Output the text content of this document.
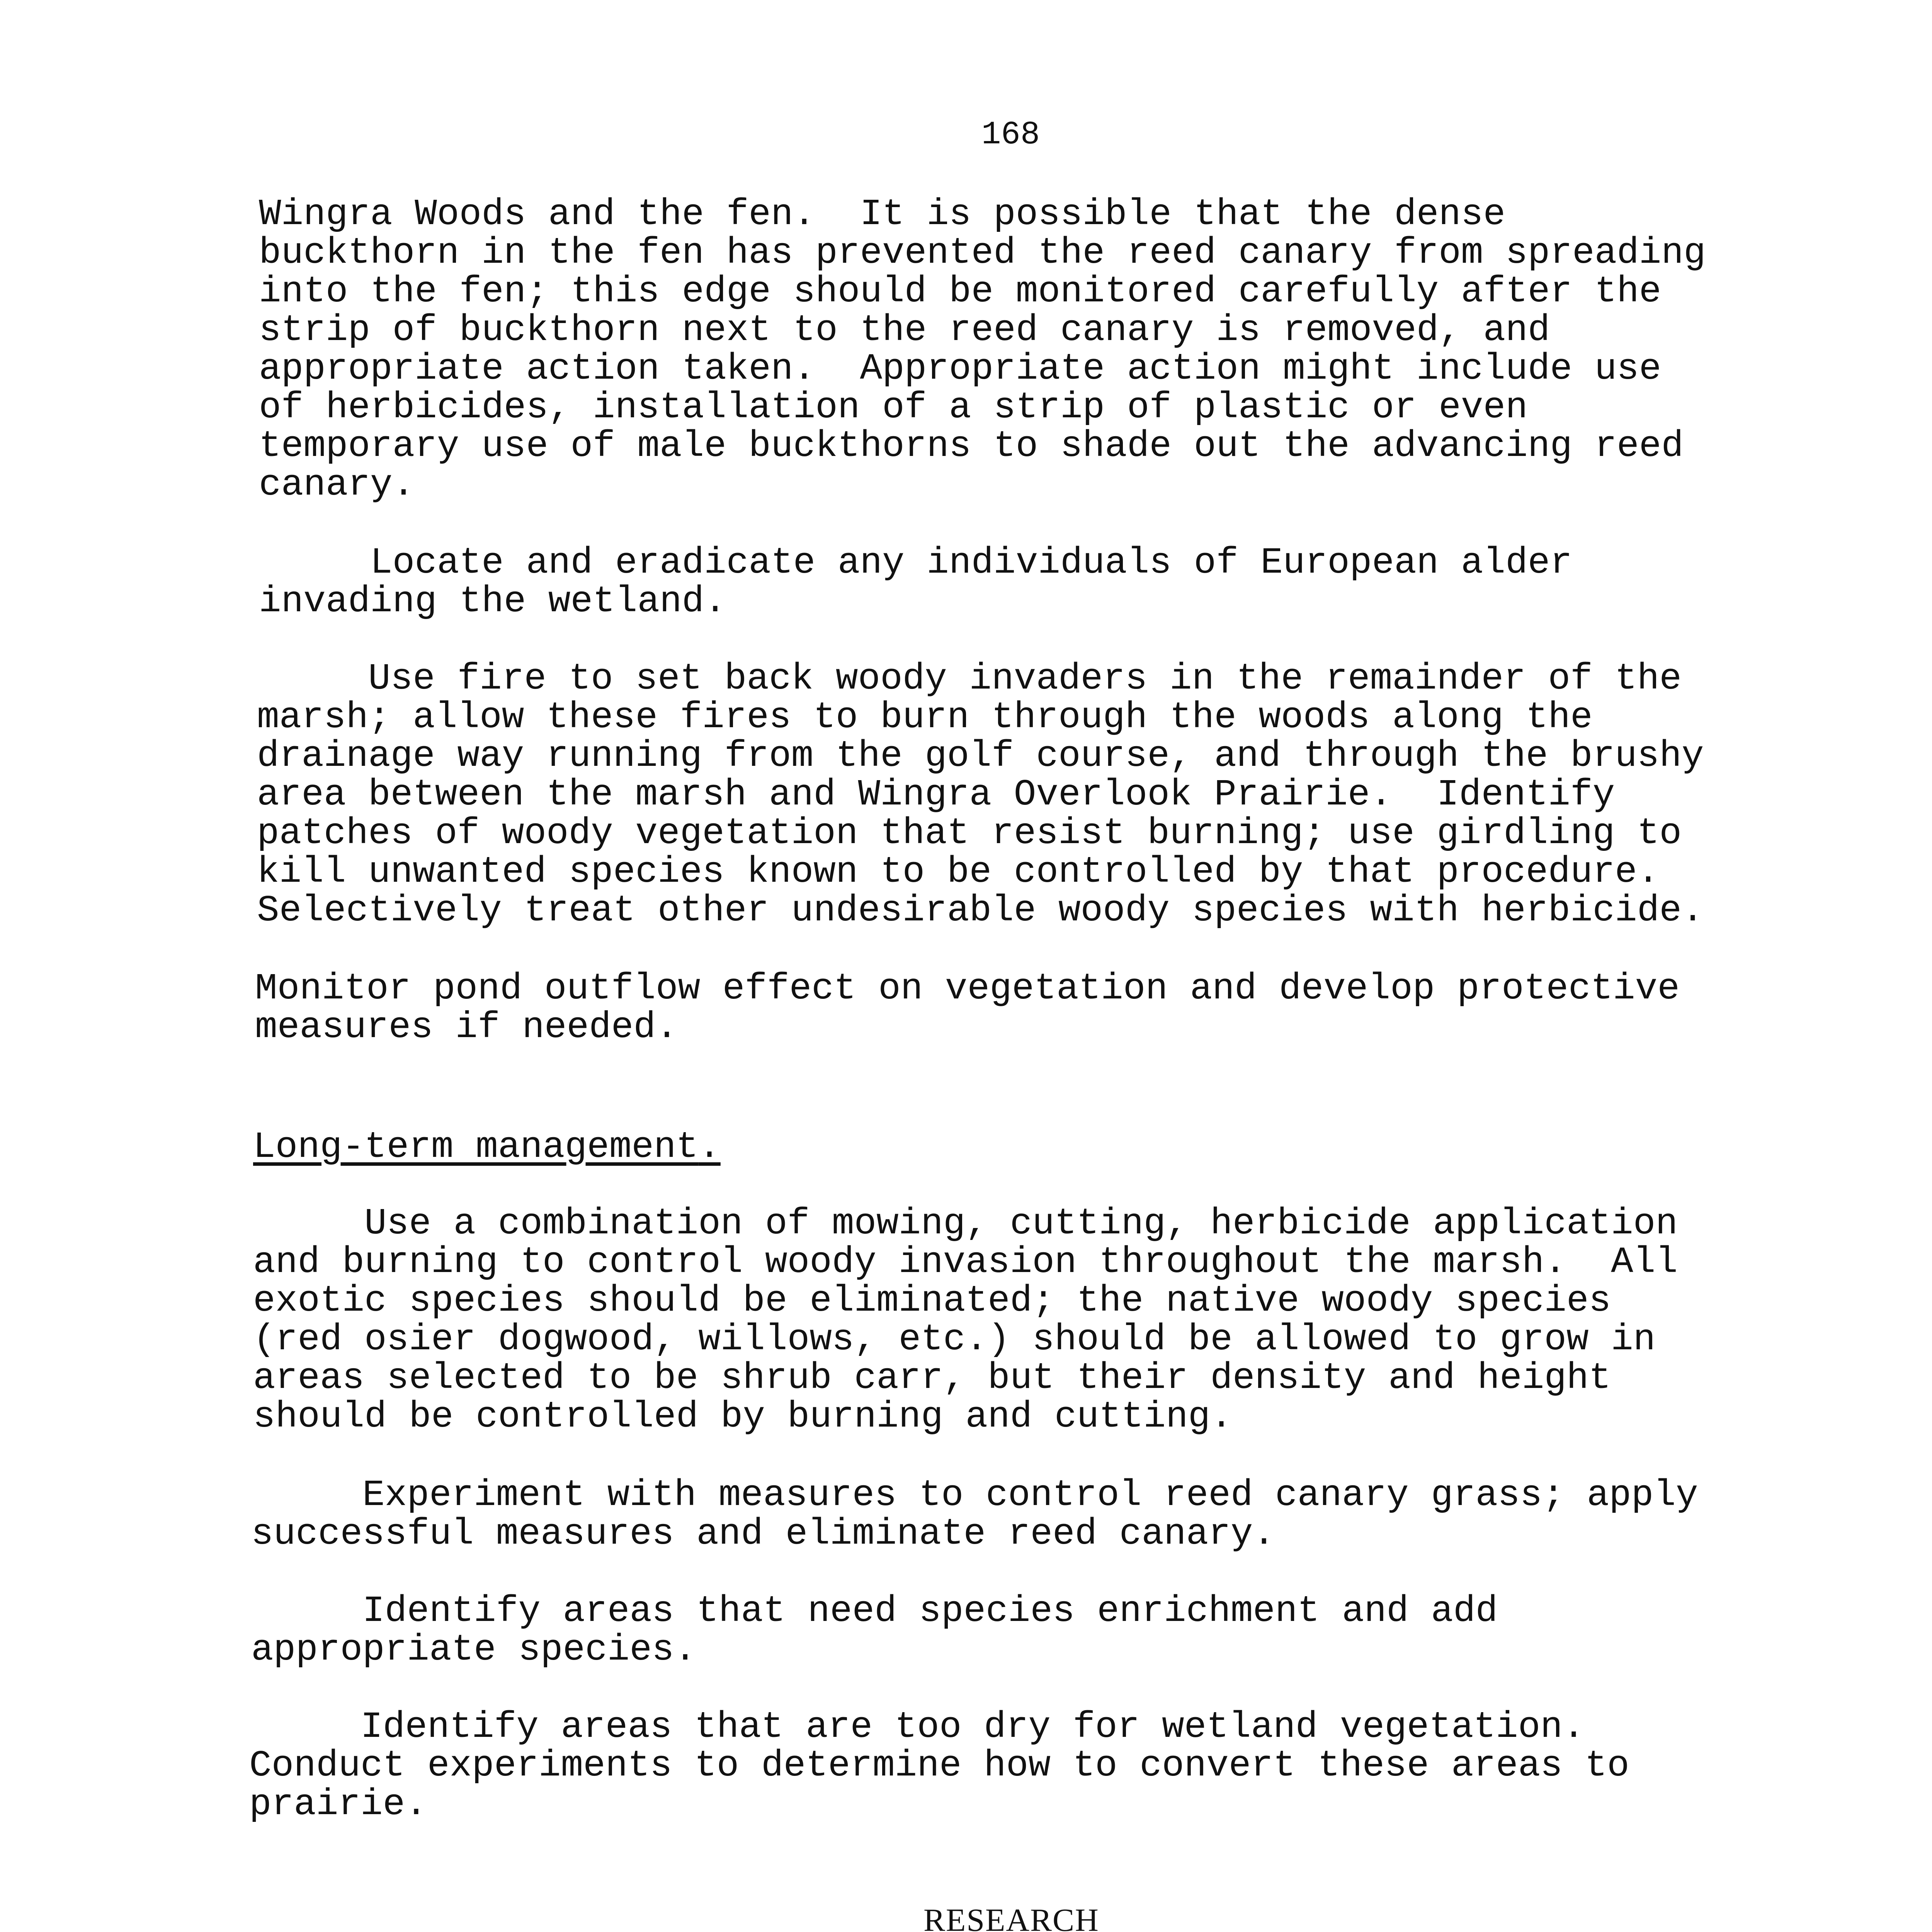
168

Wingra Woods and the fen.  It is possible that the dense
buckthorn in the fen has prevented the reed canary from spreading
into the fen; this edge should be monitored carefully after the
strip of buckthorn next to the reed canary is removed, and
appropriate action taken.  Appropriate action might include use
of herbicides, installation of a strip of plastic or even
temporary use of male buckthorns to shade out the advancing reed
canary.

Locate and eradicate any individuals of European alder
invading the wetland.

Use fire to set back woody invaders in the remainder of the
marsh; allow these fires to burn through the woods along the
drainage way running from the golf course, and through the brushy
area between the marsh and Wingra Overlook Prairie.  Identify
patches of woody vegetation that resist burning; use girdling to
kill unwanted species known to be controlled by that procedure.
Selectively treat other undesirable woody species with herbicide.

Monitor pond outflow effect on vegetation and develop protective
measures if needed.

Long-term management.

Use a combination of mowing, cutting, herbicide application
and burning to control woody invasion throughout the marsh.  All
exotic species should be eliminated; the native woody species
(red osier dogwood, willows, etc.) should be allowed to grow in
areas selected to be shrub carr, but their density and height
should be controlled by burning and cutting.

Experiment with measures to control reed canary grass; apply
successful measures and eliminate reed canary.

Identify areas that need species enrichment and add
appropriate species.

Identify areas that are too dry for wetland vegetation.
Conduct experiments to determine how to convert these areas to
prairie.

RESEARCH
